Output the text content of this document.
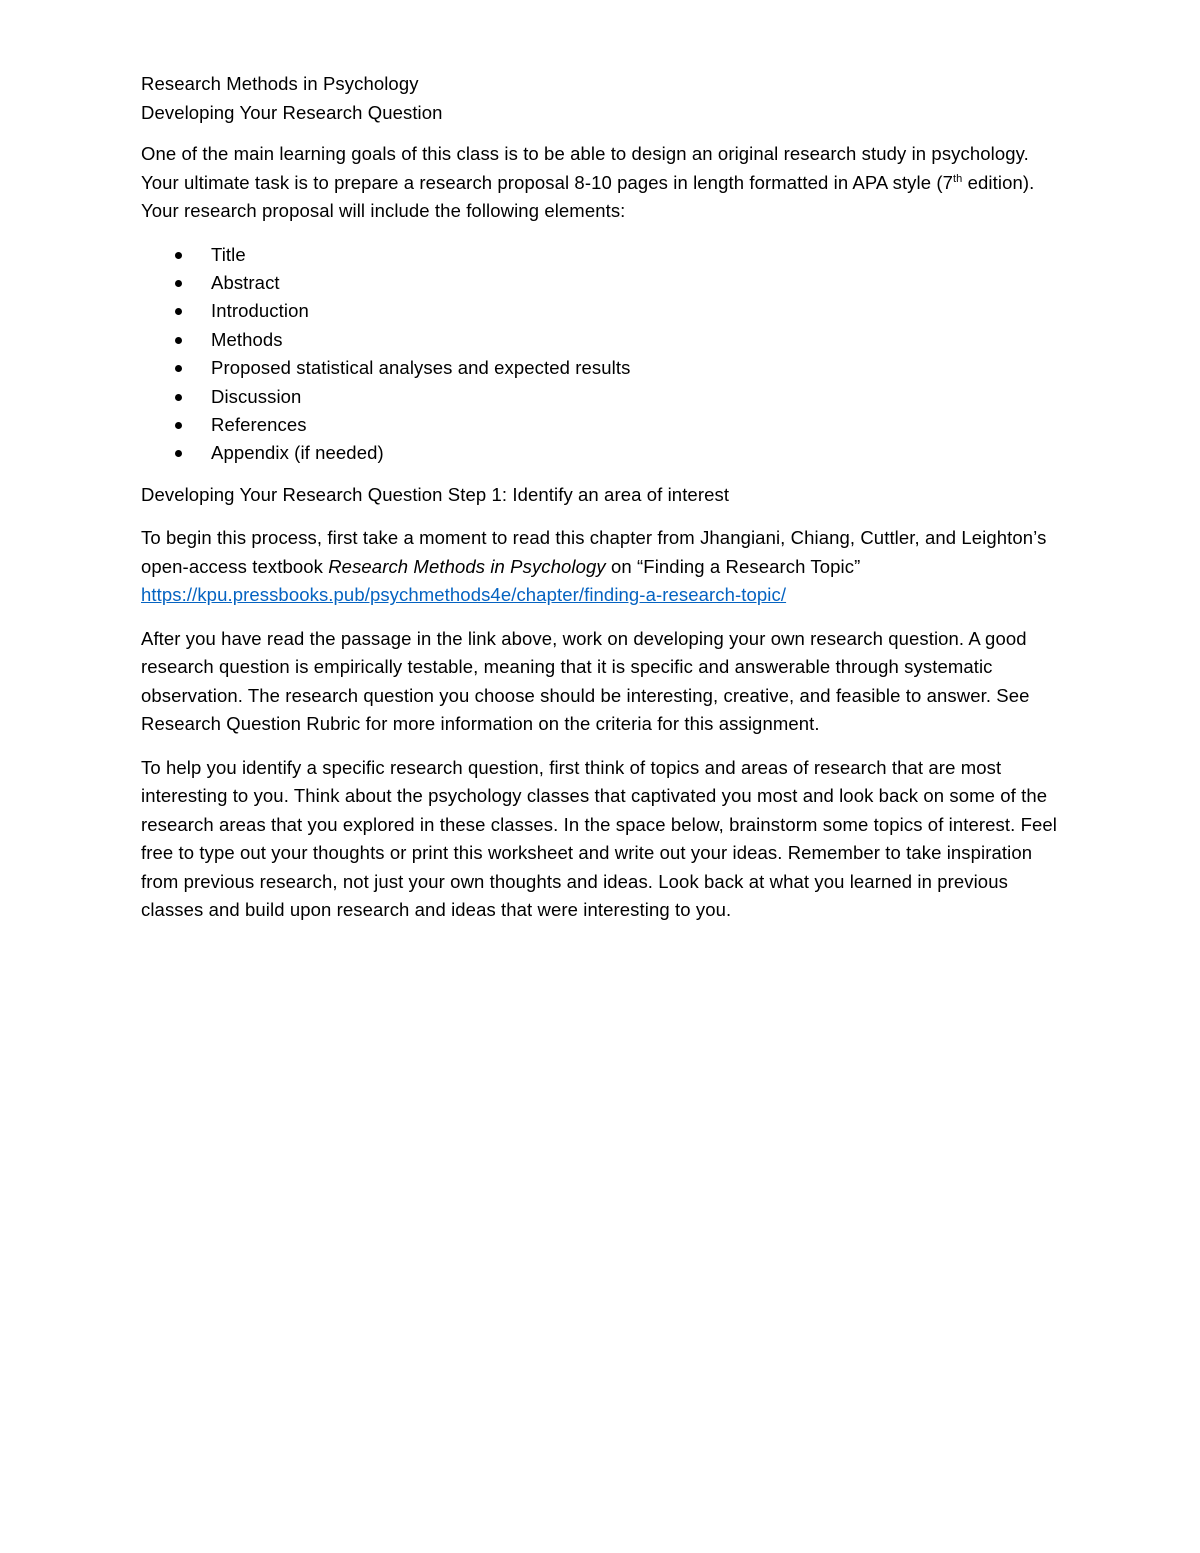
Research Methods in Psychology
Developing Your Research Question

One of the main learning goals of this class is to be able to design an original research study in psychology. Your ultimate task is to prepare a research proposal 8-10 pages in length formatted in APA style (7th edition). Your research proposal will include the following elements:

Title
Abstract
Introduction
Methods
Proposed statistical analyses and expected results
Discussion
References
Appendix (if needed)

Developing Your Research Question Step 1: Identify an area of interest

To begin this process, first take a moment to read this chapter from Jhangiani, Chiang, Cuttler, and Leighton’s open-access textbook Research Methods in Psychology on “Finding a Research Topic”
https://kpu.pressbooks.pub/psychmethods4e/chapter/finding-a-research-topic/

After you have read the passage in the link above, work on developing your own research question. A good research question is empirically testable, meaning that it is specific and answerable through systematic observation. The research question you choose should be interesting, creative, and feasible to answer. See Research Question Rubric for more information on the criteria for this assignment.

To help you identify a specific research question, first think of topics and areas of research that are most interesting to you. Think about the psychology classes that captivated you most and look back on some of the research areas that you explored in these classes. In the space below, brainstorm some topics of interest. Feel free to type out your thoughts or print this worksheet and write out your ideas. Remember to take inspiration from previous research, not just your own thoughts and ideas. Look back at what you learned in previous classes and build upon research and ideas that were interesting to you.
